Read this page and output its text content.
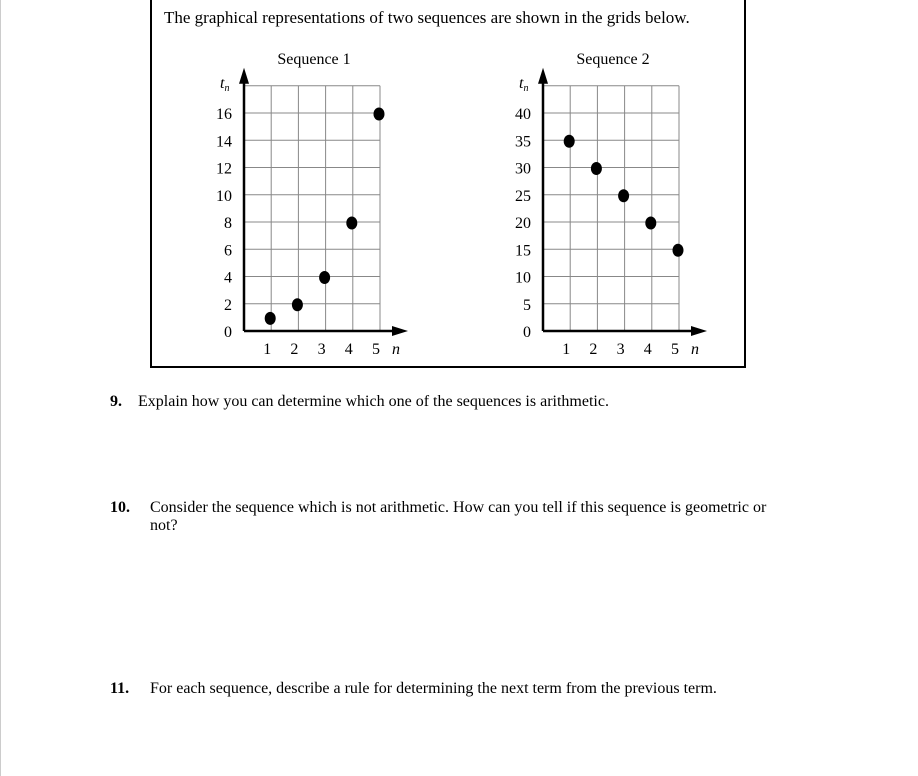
The graphical representations of two sequences are shown in the grids below.
Sequence 1
0
2
4
6
8
10
12
14
16
1 2 3 4 5 n
tn
Sequence 2
0
5
10
15
20
25
30
35
40
1 2 3 4 5 n
tn
9. Explain how you can determine which one of the sequences is arithmetic.
10. Consider the sequence which is not arithmetic. How can you tell if this sequence is geometric or not?
11. For each sequence, describe a rule for determining the next term from the previous term.
